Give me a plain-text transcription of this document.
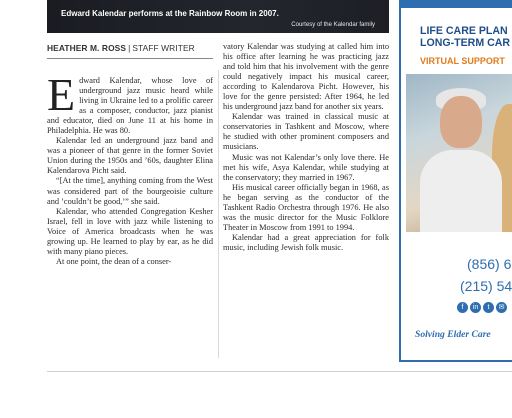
Edward Kalendar performs at the Rainbow Room in 2007.
Courtesy of the Kalendar family
HEATHER M. ROSS | STAFF WRITER

Edward Kalendar, whose love of underground jazz music heard while living in Ukraine led to a prolific career as a composer, conductor, jazz pianist and educator, died on June 11 at his home in Philadelphia. He was 80.

Kalendar led an underground jazz band and was a pioneer of that genre in the former Soviet Union during the 1950s and ’60s, daughter Elina Kalendarova Picht said.

“[At the time], anything coming from the West was considered part of the bourgeoisie culture and ’couldn’t be good,’” she said.

Kalendar, who attended Congregation Kesher Israel, fell in love with jazz while listening to Voice of America broadcasts when he was growing up. He learned to play by ear, as he did with many piano pieces.

At one point, the dean of a conser-

vatory Kalendar was studying at called him into his office after learning he was practicing jazz and told him that his involvement with the genre could negatively impact his musical career, according to Kalendarova Picht. However, his love for the genre persisted: After 1964, he led his underground jazz band for another six years.

Kalendar was trained in classical music at conservatories in Tashkent and Moscow, where he studied with other prominent composers and musicians.

Music was not Kalendar’s only love there. He met his wife, Asya Kalendar, while studying at the conservatory; they married in 1967.

His musical career officially began in 1968, as he began serving as the conductor of the Tashkent Radio Orchestra through 1976. He also was the music director for the Music Folklore Theater in Moscow from 1991 to 1994.

Kalendar had a great appreciation for folk music, including Jewish folk music.

LIFE CARE PLAN
LONG-TERM CAR
VIRTUAL SUPPORT
(856) 6
(215) 54
f	in	t	✉
Solving Elder Care
